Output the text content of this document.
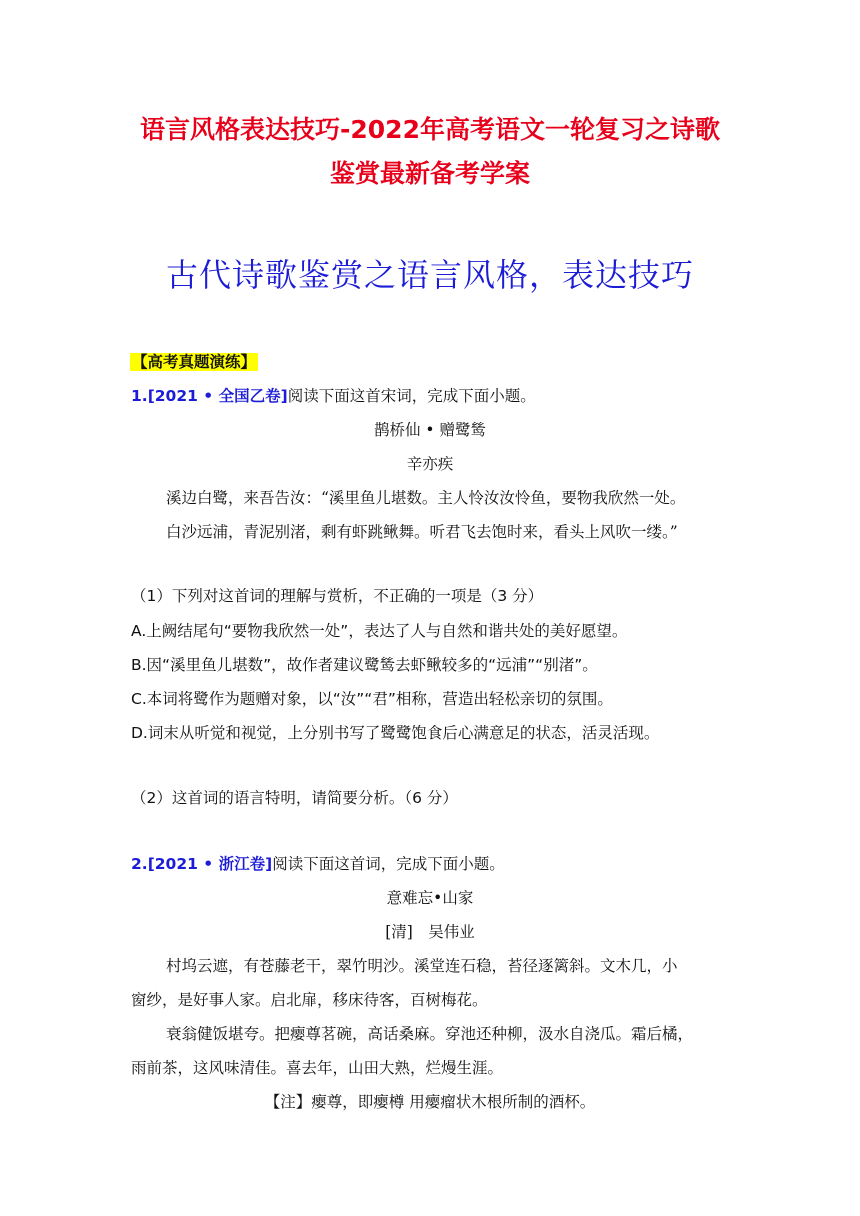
语言风格表达技巧-2022年高考语文一轮复习之诗歌
鉴赏最新备考学案
古代诗歌鉴赏之语言风格，表达技巧
【高考真题演练】
1.[2021 • 全国乙卷]阅读下面这首宋词，完成下面小题。
鹊桥仙 • 赠鹭鸶
辛亦疾
溪边白鹭，来吾告汝：“溪里鱼儿堪数。主人怜汝汝怜鱼，要物我欣然一处。
白沙远浦，青泥别渚，剩有虾跳鳅舞。听君飞去饱时来，看头上风吹一缕。”
（1）下列对这首词的理解与赏析，不正确的一项是（3 分）
A.上阙结尾句“要物我欣然一处”，表达了人与自然和谐共处的美好愿望。
B.因“溪里鱼儿堪数”，故作者建议鹭鸶去虾鳅较多的“远浦”“别渚”。
C.本词将鹭作为题赠对象，以“汝”“君”相称，营造出轻松亲切的氛围。
D.词末从听觉和视觉，上分别书写了鹭鹭饱食后心满意足的状态，活灵活现。
（2）这首词的语言特明，请简要分析。（6 分）
2.[2021 • 浙江卷]阅读下面这首词，完成下面小题。
意难忘•山家
[清]　吴伟业
村坞云遮，有苍藤老干，翠竹明沙。溪堂连石稳，苔径逐篱斜。文木几，小
窗纱，是好事人家。启北扉，移床待客，百树梅花。
衰翁健饭堪夸。把瘿尊茗碗，高话桑麻。穿池还种柳，汲水自浇瓜。霜后橘，
雨前茶，这风味清佳。喜去年，山田大熟，烂熳生涯。
【注】瘿尊，即瘿樽 用瘿瘤状木根所制的酒杯。
